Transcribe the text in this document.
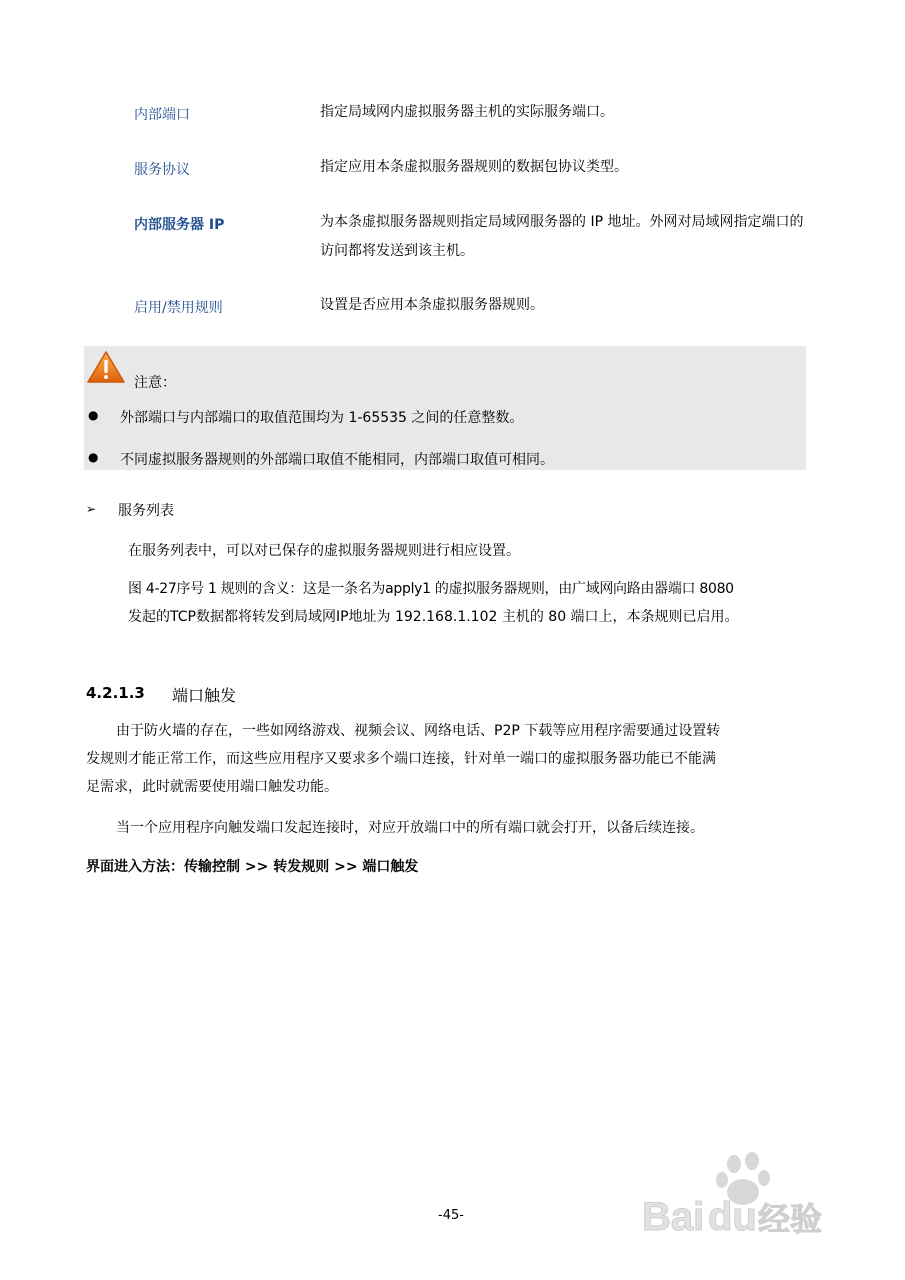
内部端口	指定局域网内虚拟服务器主机的实际服务端口。
服务协议	指定应用本条虚拟服务器规则的数据包协议类型。
内部服务器 IP	为本条虚拟服务器规则指定局域网服务器的 IP 地址。外网对局域网指定端口的访问都将发送到该主机。
启用/禁用规则	设置是否应用本条虚拟服务器规则。
注意：
● 外部端口与内部端口的取值范围均为 1-65535 之间的任意整数。
● 不同虚拟服务器规则的外部端口取值不能相同，内部端口取值可相同。
➢ 服务列表
在服务列表中，可以对已保存的虚拟服务器规则进行相应设置。
图 4-27序号 1 规则的含义：这是一条名为apply1 的虚拟服务器规则，由广域网向路由器端口 8080
发起的TCP数据都将转发到局域网IP地址为 192.168.1.102 主机的 80 端口上，本条规则已启用。
4.2.1.3 端口触发
由于防火墙的存在，一些如网络游戏、视频会议、网络电话、P2P 下载等应用程序需要通过设置转
发规则才能正常工作，而这些应用程序又要求多个端口连接，针对单一端口的虚拟服务器功能已不能满
足需求，此时就需要使用端口触发功能。
当一个应用程序向触发端口发起连接时，对应开放端口中的所有端口就会打开，以备后续连接。
界面进入方法：传输控制 >> 转发规则 >> 端口触发
-45-	Bai du 经验
